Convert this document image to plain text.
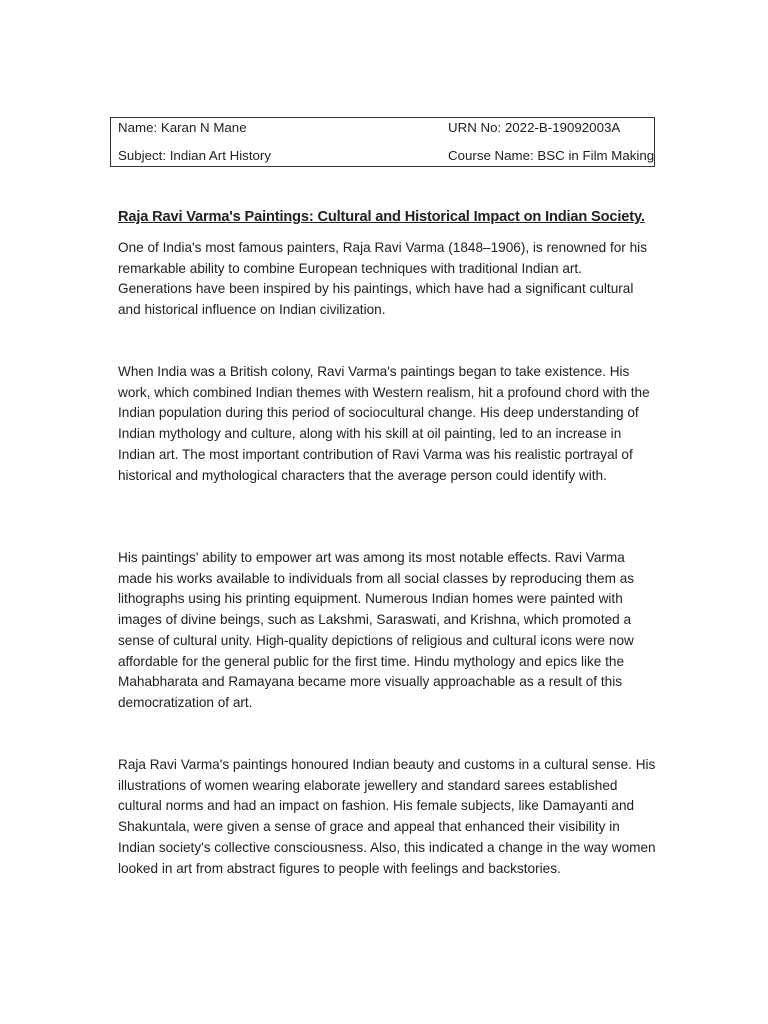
Name: Karan N Mane
Subject: Indian Art History
URN No: 2022-B-19092003A
Course Name: BSC in Film Making
Raja Ravi Varma's Paintings: Cultural and Historical Impact on Indian Society.

One of India's most famous painters, Raja Ravi Varma (1848–1906), is renowned for his remarkable ability to combine European techniques with traditional Indian art. Generations have been inspired by his paintings, which have had a significant cultural and historical influence on Indian civilization.

When India was a British colony, Ravi Varma's paintings began to take existence. His work, which combined Indian themes with Western realism, hit a profound chord with the Indian population during this period of sociocultural change. His deep understanding of Indian mythology and culture, along with his skill at oil painting, led to an increase in Indian art. The most important contribution of Ravi Varma was his realistic portrayal of historical and mythological characters that the average person could identify with.

His paintings' ability to empower art was among its most notable effects. Ravi Varma made his works available to individuals from all social classes by reproducing them as lithographs using his printing equipment. Numerous Indian homes were painted with images of divine beings, such as Lakshmi, Saraswati, and Krishna, which promoted a sense of cultural unity. High-quality depictions of religious and cultural icons were now affordable for the general public for the first time. Hindu mythology and epics like the Mahabharata and Ramayana became more visually approachable as a result of this democratization of art.

Raja Ravi Varma's paintings honoured Indian beauty and customs in a cultural sense. His illustrations of women wearing elaborate jewellery and standard sarees established cultural norms and had an impact on fashion. His female subjects, like Damayanti and Shakuntala, were given a sense of grace and appeal that enhanced their visibility in Indian society's collective consciousness. Also, this indicated a change in the way women looked in art from abstract figures to people with feelings and backstories.
